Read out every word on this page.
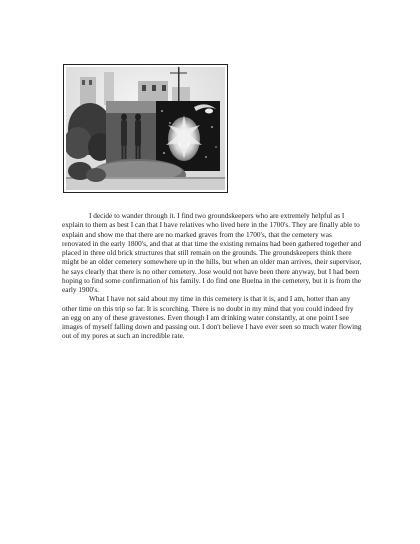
I decide to wander through it. I find two groundskeepers who are extremely helpful as I explain to them as best I can that I have relatives who lived here in the 1700's. They are finally able to explain and show me that there are no marked graves from the 1700's, that the cemetery was renovated in the early 1800's, and that at that time the existing remains had been gathered together and placed in three old brick structures that still remain on the grounds. The groundskeepers think there might be an older cemetery somewhere up in the hills, but when an older man arrives, their supervisor, he says clearly that there is no other cemetery. Jose would not have been there anyway, but I had been hoping to find some confirmation of his family. I do find one Buelna in the cemetery, but it is from the early 1900's.

What I have not said about my time in this cemetery is that it is, and I am, hotter than any other time on this trip so far. It is scorching. There is no doubt in my mind that you could indeed fry an egg on any of these gravestones. Even though I am drinking water constantly, at one point I see images of myself falling down and passing out. I don't believe I have ever seen so much water flowing out of my pores at such an incredible rate.
